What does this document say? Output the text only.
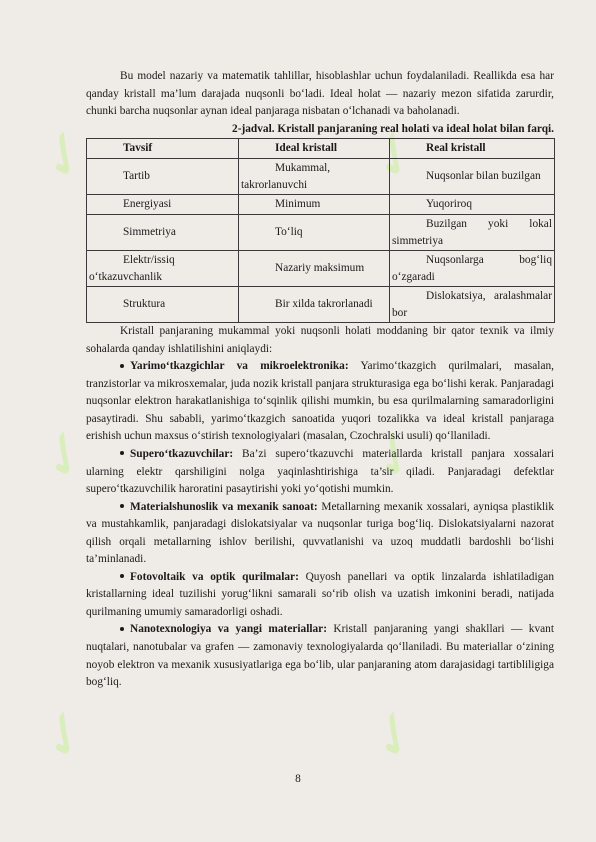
✓	✓
✓	✓
✓	✓

Bu model nazariy va matematik tahlillar, hisoblashlar uchun foydalaniladi. Reallikda esa har qanday kristall ma’lum darajada nuqsonli bo‘ladi. Ideal holat — nazariy mezon sifatida zarurdir, chunki barcha nuqsonlar aynan ideal panjaraga nisbatan o‘lchanadi va baholanadi.

2-jadval. Kristall panjaraning real holati va ideal holat bilan farqi.

Tavsif	Ideal kristall	Real kristall
Tartib	Mukammal, takrorlanuvchi	Nuqsonlar bilan buzilgan
Energiyasi	Minimum	Yuqoriroq
Simmetriya	To‘liq	Buzilgan yoki lokal simmetriya
Elektr/issiq o‘tkazuvchanlik	Nazariy maksimum	Nuqsonlarga bog‘liq o‘zgaradi
Struktura	Bir xilda takrorlanadi	Dislokatsiya, aralashmalar bor

Kristall panjaraning mukammal yoki nuqsonli holati moddaning bir qator texnik va ilmiy sohalarda qanday ishlatilishini aniqlaydi:

Yarimo‘tkazgichlar va mikroelektronika: Yarimo‘tkazgich qurilmalari, masalan, tranzistorlar va mikrosxemalar, juda nozik kristall panjara strukturasiga ega bo‘lishi kerak. Panjaradagi nuqsonlar elektron harakatlanishiga to‘sqinlik qilishi mumkin, bu esa qurilmalarning samaradorligini pasaytiradi. Shu sababli, yarimo‘tkazgich sanoatida yuqori tozalikka va ideal kristall panjaraga erishish uchun maxsus o‘stirish texnologiyalari (masalan, Czochralski usuli) qo‘llaniladi.

Supero‘tkazuvchilar: Ba’zi supero‘tkazuvchi materiallarda kristall panjara xossalari ularning elektr qarshiligini nolga yaqinlashtirishiga ta’sir qiladi. Panjaradagi defektlar supero‘tkazuvchilik haroratini pasaytirishi yoki yo‘qotishi mumkin.

Materialshunoslik va mexanik sanoat: Metallarning mexanik xossalari, ayniqsa plastiklik va mustahkamlik, panjaradagi dislokatsiyalar va nuqsonlar turiga bog‘liq. Dislokatsiyalarni nazorat qilish orqali metallarning ishlov berilishi, quvvatlanishi va uzoq muddatli bardoshli bo‘lishi ta’minlanadi.

Fotovoltaik va optik qurilmalar: Quyosh panellari va optik linzalarda ishlatiladigan kristallarning ideal tuzilishi yorug‘likni samarali so‘rib olish va uzatish imkonini beradi, natijada qurilmaning umumiy samaradorligi oshadi.

Nanotexnologiya va yangi materiallar: Kristall panjaraning yangi shakllari — kvant nuqtalari, nanotubalar va grafen — zamonaviy texnologiyalarda qo‘llaniladi. Bu materiallar o‘zining noyob elektron va mexanik xususiyatlariga ega bo‘lib, ular panjaraning atom darajasidagi tartibliligiga bog‘liq.

8
